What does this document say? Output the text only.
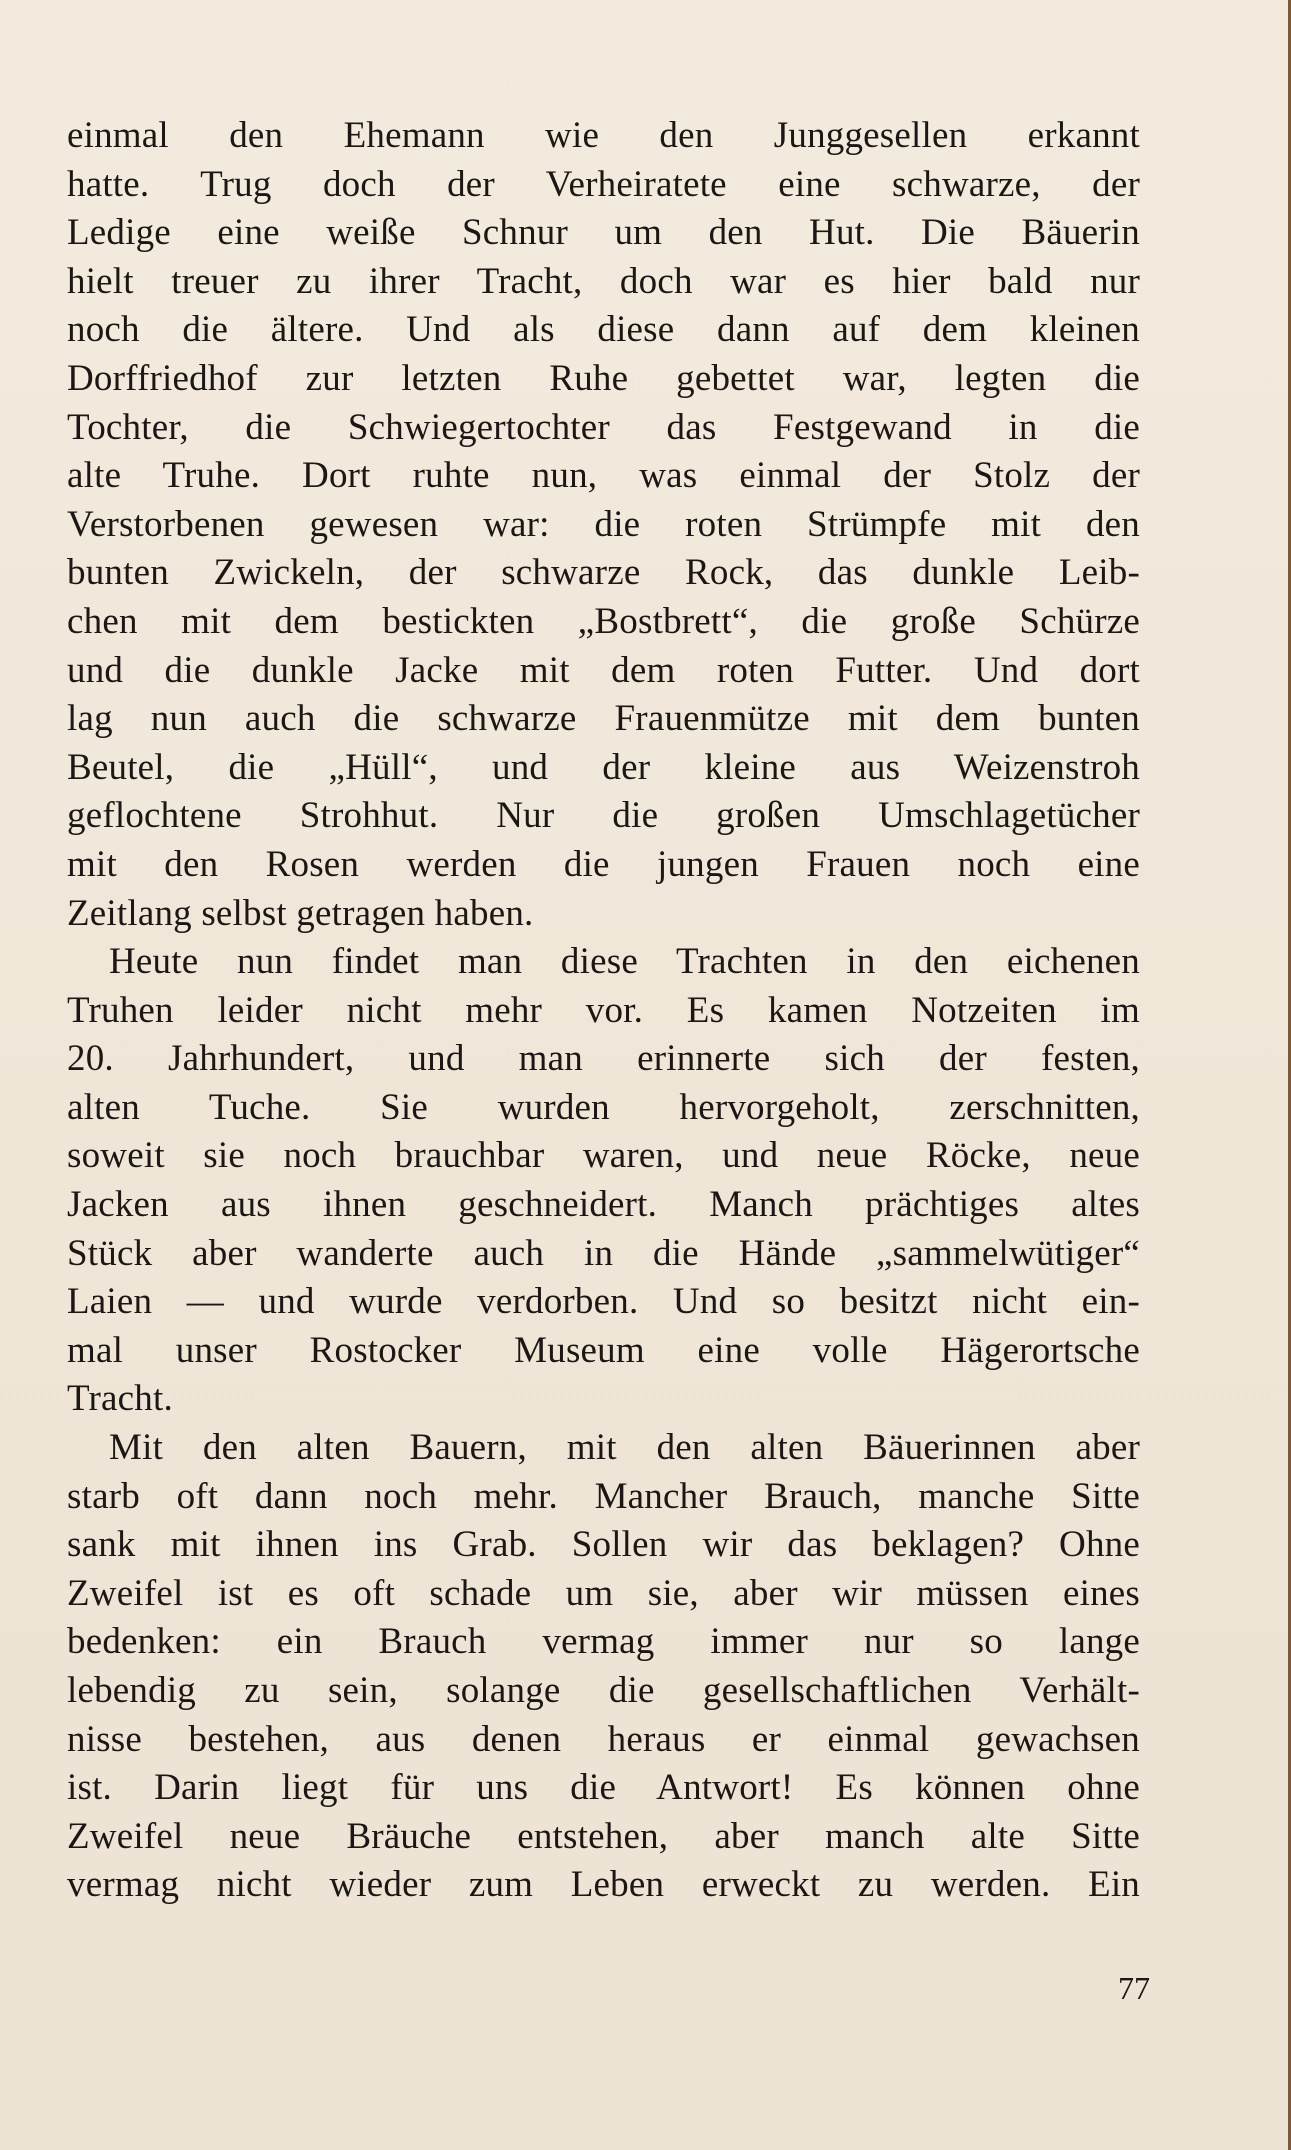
einmal den Ehemann wie den Junggesellen erkannt
hatte. Trug doch der Verheiratete eine schwarze, der
Ledige eine weiße Schnur um den Hut. Die Bäuerin
hielt treuer zu ihrer Tracht, doch war es hier bald nur
noch die ältere. Und als diese dann auf dem kleinen
Dorffriedhof zur letzten Ruhe gebettet war, legten die
Tochter, die Schwiegertochter das Festgewand in die
alte Truhe. Dort ruhte nun, was einmal der Stolz der
Verstorbenen gewesen war: die roten Strümpfe mit den
bunten Zwickeln, der schwarze Rock, das dunkle Leib-
chen mit dem bestickten „Bostbrett“, die große Schürze
und die dunkle Jacke mit dem roten Futter. Und dort
lag nun auch die schwarze Frauenmütze mit dem bunten
Beutel, die „Hüll“, und der kleine aus Weizenstroh
geflochtene Strohhut. Nur die großen Umschlagetücher
mit den Rosen werden die jungen Frauen noch eine
Zeitlang selbst getragen haben.
Heute nun findet man diese Trachten in den eichenen
Truhen leider nicht mehr vor. Es kamen Notzeiten im
20. Jahrhundert, und man erinnerte sich der festen,
alten Tuche. Sie wurden hervorgeholt, zerschnitten,
soweit sie noch brauchbar waren, und neue Röcke, neue
Jacken aus ihnen geschneidert. Manch prächtiges altes
Stück aber wanderte auch in die Hände „sammelwütiger“
Laien — und wurde verdorben. Und so besitzt nicht ein-
mal unser Rostocker Museum eine volle Hägerortsche
Tracht.
Mit den alten Bauern, mit den alten Bäuerinnen aber
starb oft dann noch mehr. Mancher Brauch, manche Sitte
sank mit ihnen ins Grab. Sollen wir das beklagen? Ohne
Zweifel ist es oft schade um sie, aber wir müssen eines
bedenken: ein Brauch vermag immer nur so lange
lebendig zu sein, solange die gesellschaftlichen Verhält-
nisse bestehen, aus denen heraus er einmal gewachsen
ist. Darin liegt für uns die Antwort! Es können ohne
Zweifel neue Bräuche entstehen, aber manch alte Sitte
vermag nicht wieder zum Leben erweckt zu werden. Ein
77
